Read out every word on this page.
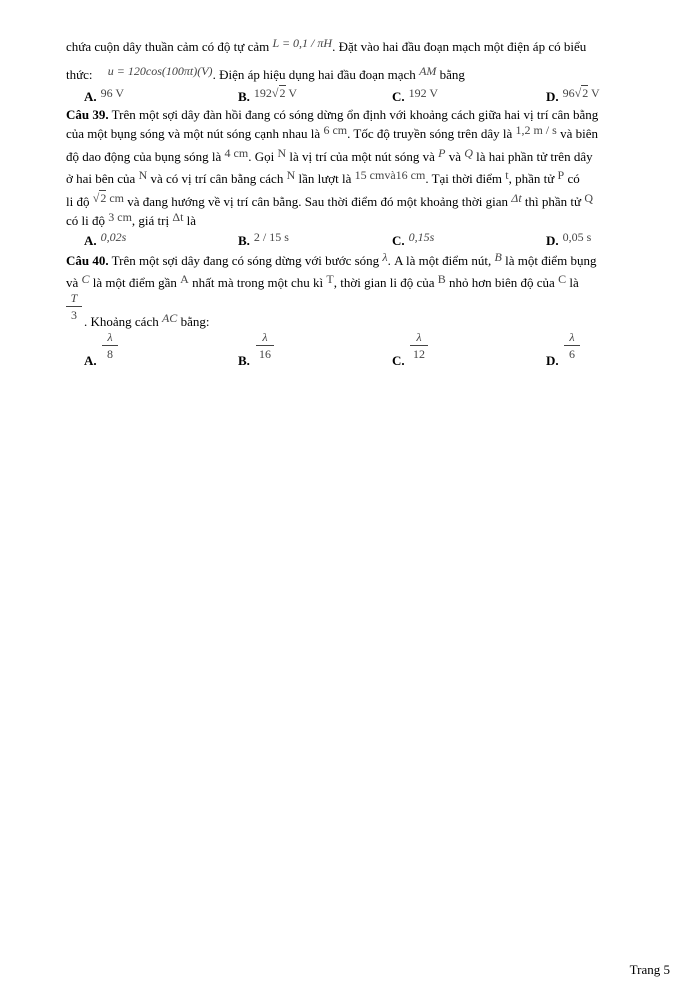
chứa cuộn dây thuần cảm có độ tự cảm L = 0,1 / πH. Đặt vào hai đầu đoạn mạch một điện áp có biểu
thức: u = 120cos(100πt)(V). Điện áp hiệu dụng hai đầu đoạn mạch AM bằng
A. 96 V	B. 192√2 V	C. 192 V	D. 96√2 V
Câu 39. Trên một sợi dây đàn hồi đang có sóng dừng ổn định với khoảng cách giữa hai vị trí cân bằng
của một bụng sóng và một nút sóng cạnh nhau là 6 cm. Tốc độ truyền sóng trên dây là 1,2 m / s và biên
độ dao động của bụng sóng là 4 cm. Gọi N là vị trí của một nút sóng và P và Q là hai phần tử trên dây
ở hai bên của N và có vị trí cân bằng cách N lần lượt là 15 cmvà16 cm. Tại thời điểm t, phần tử P có
li độ √2 cm và đang hướng về vị trí cân bằng. Sau thời điểm đó một khoảng thời gian Δt thì phần tử Q
có li độ 3 cm, giá trị Δt là
A. 0,02s	B. 2 / 15 s	C. 0,15s	D. 0,05 s
Câu 40. Trên một sợi dây đang có sóng dừng với bước sóng λ. A là một điểm nút, B là một điểm bụng
và C là một điểm gần A nhất mà trong một chu kì T, thời gian li độ của B nhỏ hơn biên độ của C là
T
3 . Khoảng cách AC bằng:
A.
λ
8	B.
λ
16	C.
λ
12	D.
λ
6
Trang 5
